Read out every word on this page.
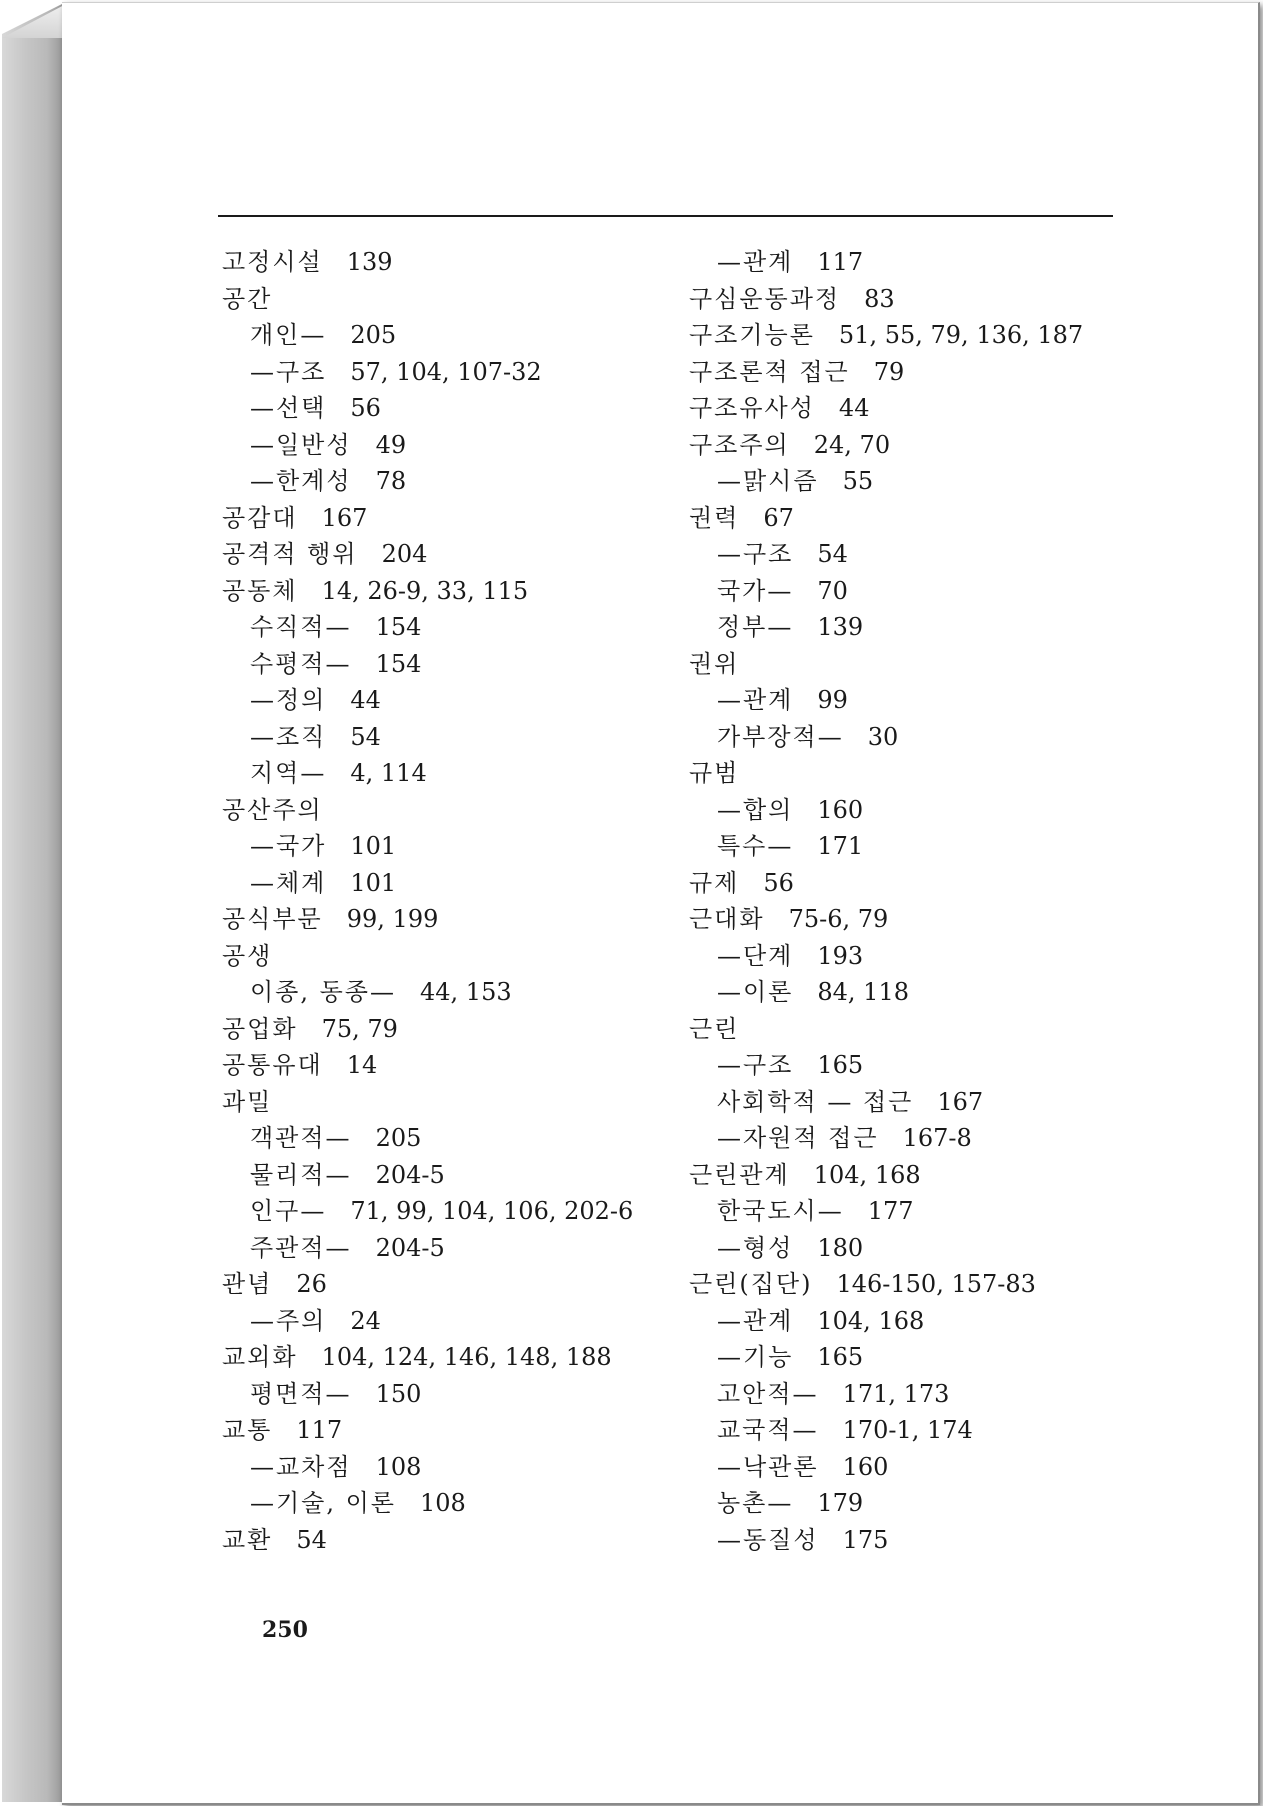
고정시설 139
공간
개인— 205
—구조 57, 104, 107-32
—선택 56
—일반성 49
—한계성 78
공감대 167
공격적 행위 204
공동체 14, 26-9, 33, 115
수직적— 154
수평적— 154
—정의 44
—조직 54
지역— 4, 114
공산주의
—국가 101
—체계 101
공식부문 99, 199
공생
이종, 동종— 44, 153
공업화 75, 79
공통유대 14
과밀
객관적— 205
물리적— 204-5
인구— 71, 99, 104, 106, 202-6
주관적— 204-5
관념 26
—주의 24
교외화 104, 124, 146, 148, 188
평면적— 150
교통 117
—교차점 108
—기술, 이론 108
교환 54
—관계 117
구심운동과정 83
구조기능론 51, 55, 79, 136, 187
구조론적 접근 79
구조유사성 44
구조주의 24, 70
—맑시즘 55
권력 67
—구조 54
국가— 70
정부— 139
권위
—관계 99
가부장적— 30
규범
—합의 160
특수— 171
규제 56
근대화 75-6, 79
—단계 193
—이론 84, 118
근린
—구조 165
사회학적 — 접근 167
—자원적 접근 167-8
근린관계 104, 168
한국도시— 177
—형성 180
근린(집단) 146-150, 157-83
—관계 104, 168
—기능 165
고안적— 171, 173
교국적— 170-1, 174
—낙관론 160
농촌— 179
—동질성 175
250
